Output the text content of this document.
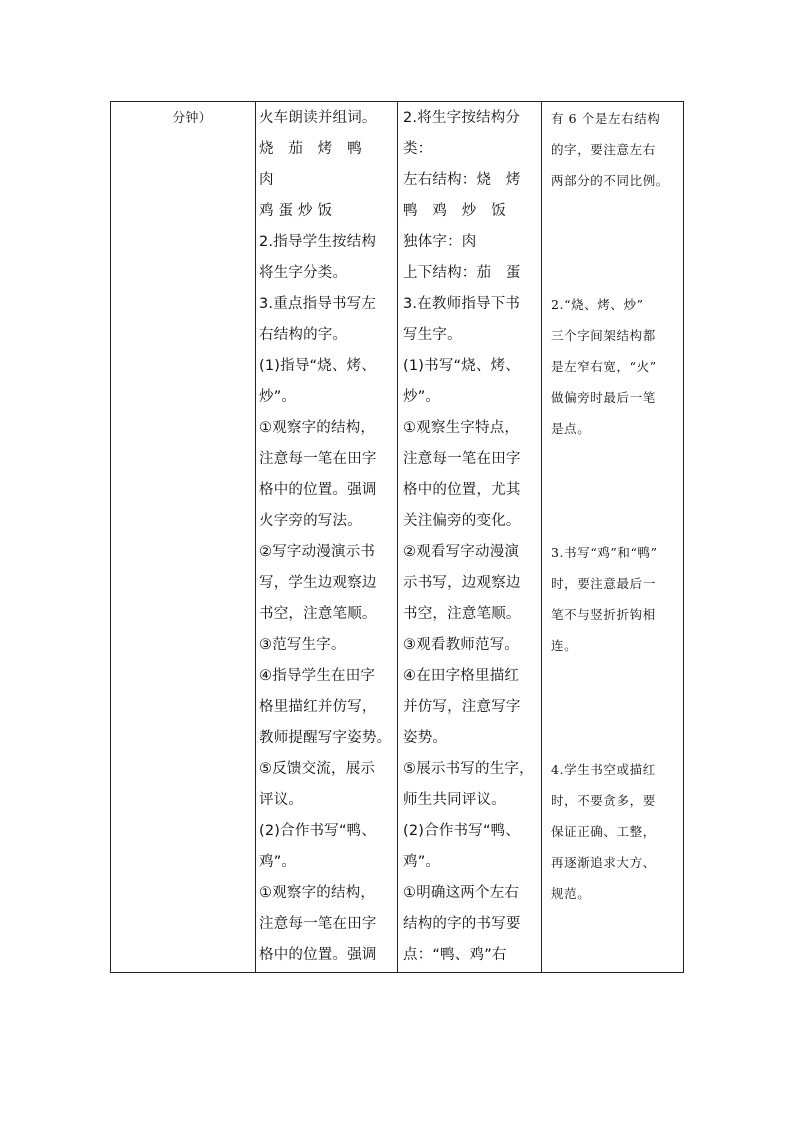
分钟）	火车朗读并组词。
烧　茄　烤　鸭
肉
鸡 蛋 炒 饭
2.指导学生按结构
将生字分类。
3.重点指导书写左
右结构的字。
(1)指导“烧、烤、
炒”。
①观察字的结构，
注意每一笔在田字
格中的位置。强调
火字旁的写法。
②写字动漫演示书
写，学生边观察边
书空，注意笔顺。
③范写生字。
④指导学生在田字
格里描红并仿写，
教师提醒写字姿势。
⑤反馈交流，展示
评议。
(2)合作书写“鸭、
鸡”。
①观察字的结构，
注意每一笔在田字
格中的位置。强调
2.将生字按结构分
类：
左右结构：烧　烤
鸭　鸡　炒　饭
独体字：肉
上下结构：茄　蛋
3.在教师指导下书
写生字。
(1)书写“烧、烤、
炒”。
①观察生字特点，
注意每一笔在田字
格中的位置，尤其
关注偏旁的变化。
②观看写字动漫演
示书写，边观察边
书空，注意笔顺。
③观看教师范写。
④在田字格里描红
并仿写，注意写字
姿势。
⑤展示书写的生字，
师生共同评议。
(2)合作书写“鸭、
鸡”。
①明确这两个左右
结构的字的书写要
点：“鸭、鸡”右
有 6 个是左右结构
的字，要注意左右
两部分的不同比例。
2.“烧、烤、炒”
三个字间架结构都
是左窄右宽，“火”
做偏旁时最后一笔
是点。
3.书写“鸡”和“鸭”
时，要注意最后一
笔不与竖折折钩相
连。
4.学生书空或描红
时，不要贪多，要
保证正确、工整，
再逐渐追求大方、
规范。
